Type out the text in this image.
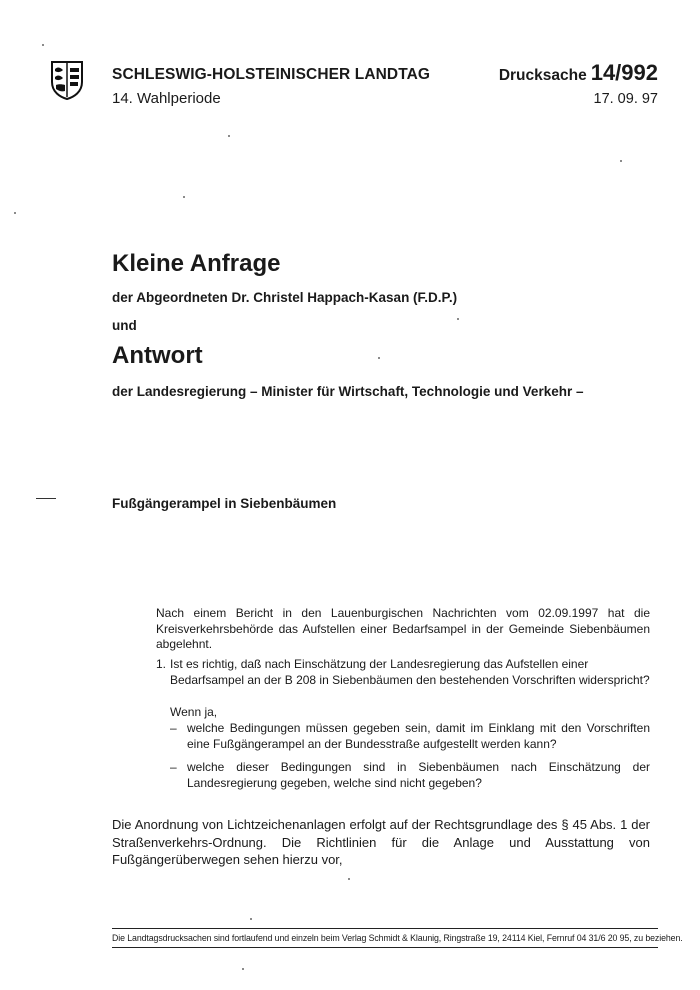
SCHLESWIG-HOLSTEINISCHER LANDTAG
14. Wahlperiode
Drucksache 14/992
17. 09. 97
Kleine Anfrage
der Abgeordneten Dr. Christel Happach-Kasan (F.D.P.)
und
Antwort
der Landesregierung – Minister für Wirtschaft, Technologie und Verkehr –
Fußgängerampel in Siebenbäumen
Nach einem Bericht in den Lauenburgischen Nachrichten vom 02.09.1997 hat die Kreisverkehrsbehörde das Aufstellen einer Bedarfsampel in der Gemeinde Siebenbäumen abgelehnt.
1. Ist es richtig, daß nach Einschätzung der Landesregierung das Aufstellen einer Bedarfsampel an der B 208 in Siebenbäumen den bestehenden Vorschriften widerspricht?
Wenn ja,
– welche Bedingungen müssen gegeben sein, damit im Einklang mit den Vorschriften eine Fußgängerampel an der Bundesstraße aufgestellt werden kann?
– welche dieser Bedingungen sind in Siebenbäumen nach Einschätzung der Landesregierung gegeben, welche sind nicht gegeben?
Die Anordnung von Lichtzeichenanlagen erfolgt auf der Rechtsgrundlage des § 45 Abs. 1 der Straßenverkehrs-Ordnung. Die Richtlinien für die Anlage und Ausstattung von Fußgängerüberwegen sehen hierzu vor,
Die Landtagsdrucksachen sind fortlaufend und einzeln beim Verlag Schmidt & Klaunig, Ringstraße 19, 24114 Kiel, Fernruf 04 31/6 20 95, zu beziehen.
